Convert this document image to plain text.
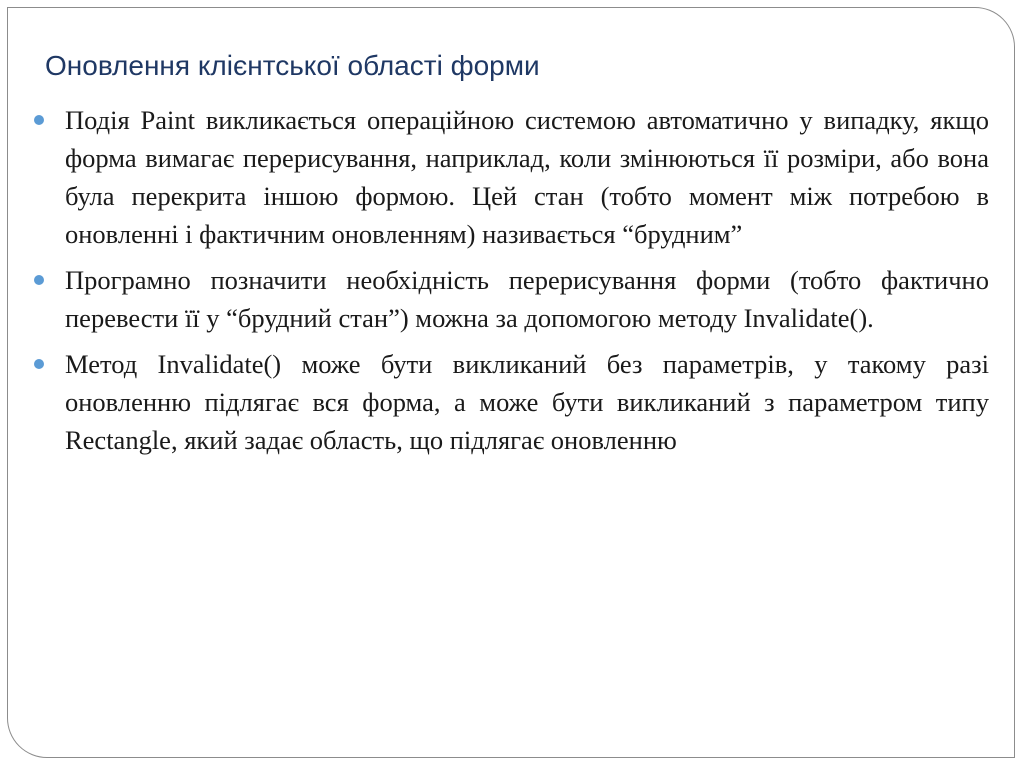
Оновлення клієнтської області форми
Подія Paint викликається операційною системою автоматично у випадку, якщо форма вимагає перерисування, наприклад, коли змінюються її розміри, або вона була перекрита іншою формою. Цей стан (тобто момент між потребою в оновленні і фактичним оновленням) називається “брудним”
Програмно позначити необхідність перерисування форми (тобто фактично перевести її у “брудний стан”) можна за допомогою методу Invalidate().
Метод Invalidate() може бути викликаний без параметрів, у такому разі оновленню підлягає вся форма, а може бути викликаний з параметром типу Rectangle, який задає область, що підлягає оновленню
